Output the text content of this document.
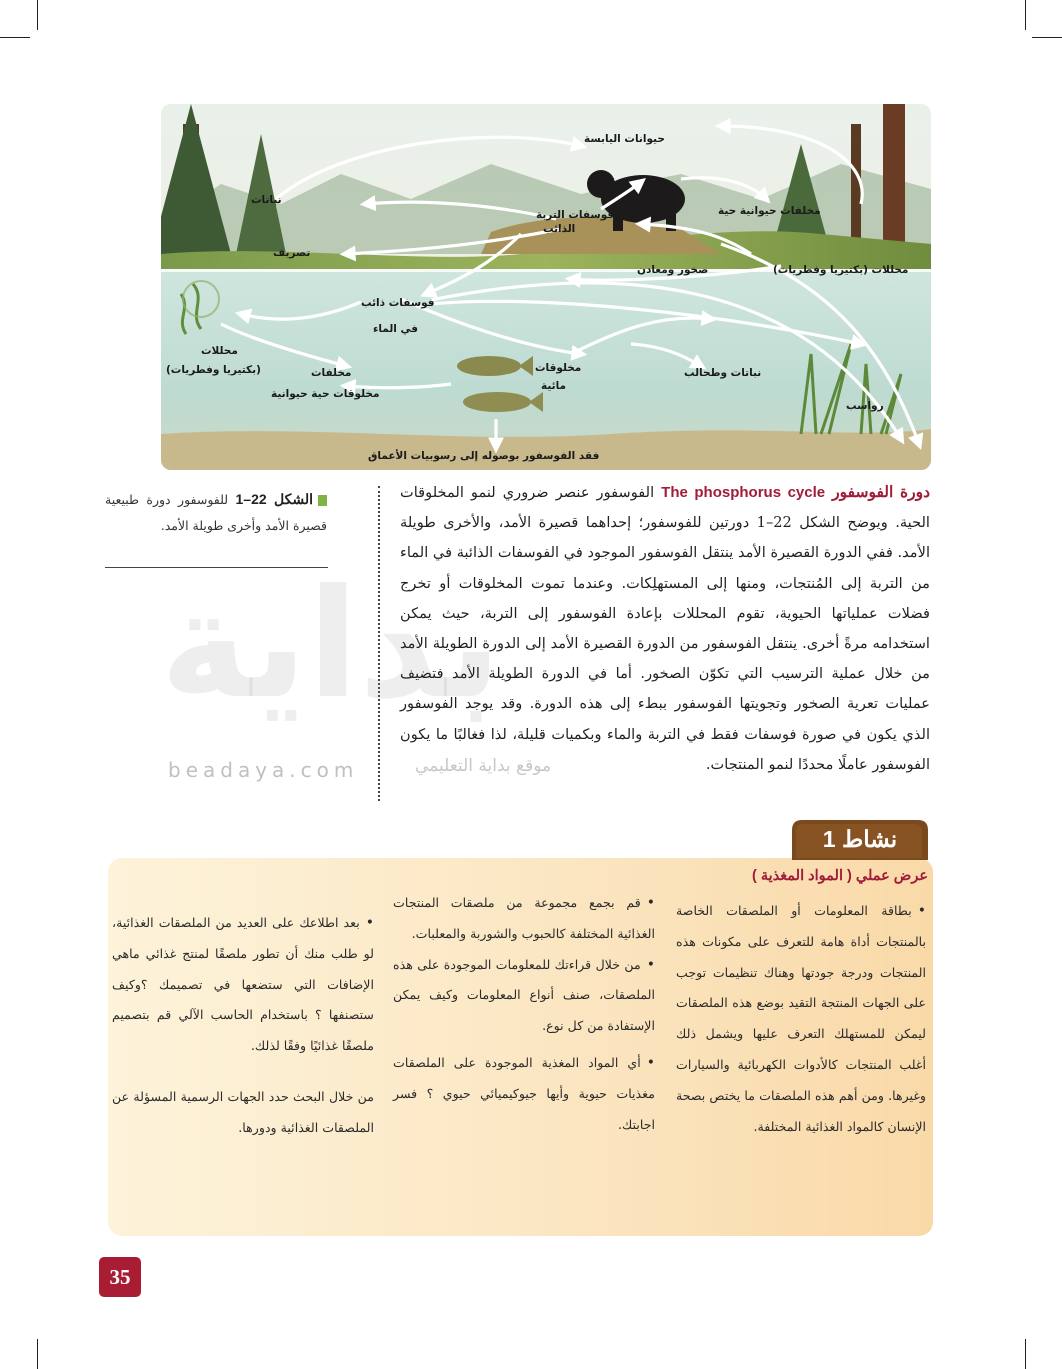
حيوانات اليابسة
نباتات
فوسفات التربة
الذائب
مخلفات حيوانية حية
تصريف
صخور ومعادن	محللات (بكتيريا وفطريات)
فوسفات ذائب
في الماء
محللات
(بكتيريا وفطريات)	مخلفات
مخلوقات حية حيوانية
مخلوقات
مائية
نباتات وطحالب
رواسب
فقد الفوسفور بوصوله إلى رسوبيات الأعماق
الشكل 22–1 للفوسفور دورة طبيعية قصيرة الأمد وأخرى طويلة الأمد.
بداية
beadaya.com	موقع بداية التعليمي
دورة الفوسفور The phosphorus cycle الفوسفور عنصر ضروري لنمو المخلوقات الحية. ويوضح الشكل 22–1 دورتين للفوسفور؛ إحداهما قصيرة الأمد، والأخرى طويلة الأمد. ففي الدورة القصيرة الأمد ينتقل الفوسفور الموجود في الفوسفات الذائبة في الماء من التربة إلى المُنتجات، ومنها إلى المستهلِكات. وعندما تموت المخلوقات أو تخرج فضلات عملياتها الحيوية، تقوم المحللات بإعادة الفوسفور إلى التربة، حيث يمكن استخدامه مرةً أخرى. ينتقل الفوسفور من الدورة القصيرة الأمد إلى الدورة الطويلة الأمد من خلال عملية الترسيب التي تكوّن الصخور. أما في الدورة الطويلة الأمد فتضيف عمليات تعرية الصخور وتجويتها الفوسفور ببطء إلى هذه الدورة. وقد يوجد الفوسفور الذي يكون في صورة فوسفات فقط في التربة والماء وبكميات قليلة، لذا فغالبًا ما يكون الفوسفور عاملًا محددًا لنمو المنتجات.
نشاط 1
عرض عملي ( المواد المغذية )

• بطاقة المعلومات أو الملصقات الخاصة بالمنتجات أداة هامة للتعرف على مكونات هذه المنتجات ودرجة جودتها وهناك تنظيمات توجب على الجهات المنتجة التقيد بوضع هذه الملصقات ليمكن للمستهلك التعرف عليها ويشمل ذلك أغلب المنتجات كالأدوات الكهربائية والسيارات وغيرها. ومن أهم هذه الملصقات ما يختص بصحة الإنسان كالمواد الغذائية المختلفة.

• قم بجمع مجموعة من ملصقات المنتجات الغذائية المختلفة كالحبوب والشوربة والمعلبات.

• من خلال قراءتك للمعلومات الموجودة على هذه الملصقات، صنف أنواع المعلومات وكيف يمكن الإستفادة من كل نوع.

• أي المواد المغذية الموجودة على الملصقات مغذيات حيوية وأيها جيوكيميائي حيوي ؟ فسر اجابتك.

• بعد اطلاعك على العديد من الملصقات الغذائية، لو طلب منك أن تطور ملصقًا لمنتج غذائي ماهي الإضافات التي ستضعها في تصميمك ؟وكيف ستصنفها ؟ باستخدام الحاسب الآلي قم بتصميم ملصقًا غذائيًا وفقًا لذلك.

من خلال البحث حدد الجهات الرسمية المسؤلة عن الملصقات الغذائية ودورها.

35
